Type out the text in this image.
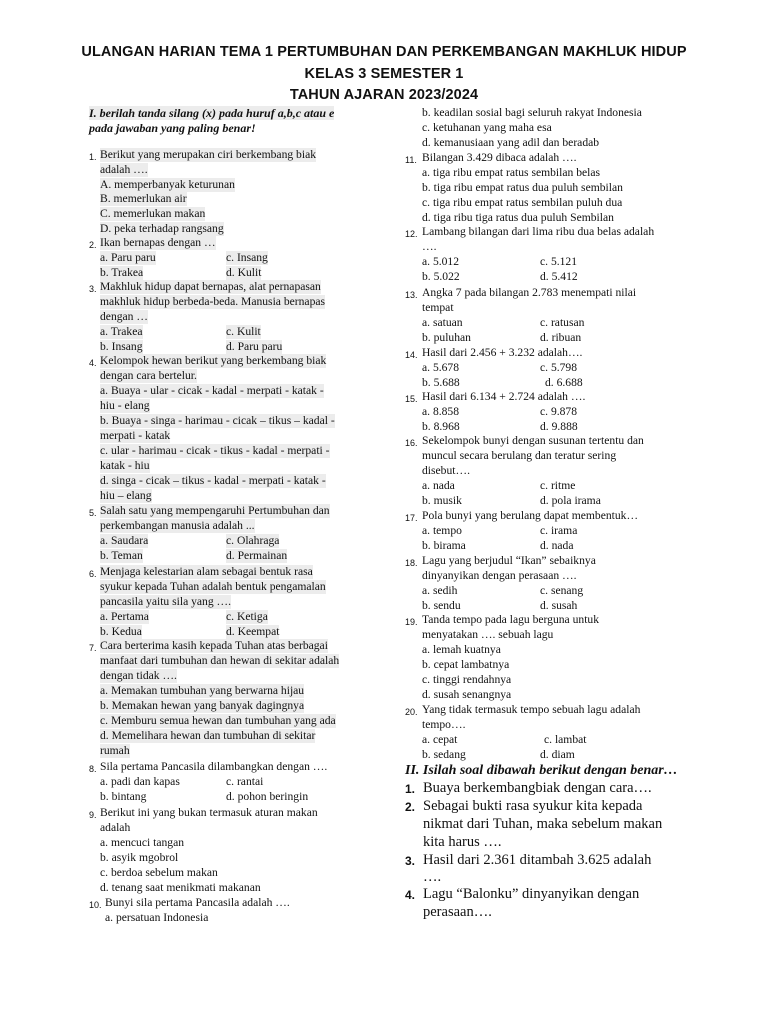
ULANGAN HARIAN TEMA 1 PERTUMBUHAN DAN PERKEMBANGAN MAKHLUK HIDUP
KELAS 3 SEMESTER 1
TAHUN AJARAN 2023/2024
I. berilah tanda silang (x) pada huruf a,b,c atau e
pada jawaban yang paling benar!
1. Berikut yang merupakan ciri berkembang biak
adalah ….
A. memperbanyak keturunan
B. memerlukan air
C. memerlukan makan
D. peka terhadap rangsang
2. Ikan bernapas dengan …
a. Paru paru	c. Insang
b. Trakea	d. Kulit
3. Makhluk hidup dapat bernapas, alat pernapasan
makhluk hidup berbeda-beda. Manusia bernapas
dengan …
a. Trakea	c. Kulit
b. Insang	d. Paru paru
4. Kelompok hewan berikut yang berkembang biak
dengan cara bertelur.
a. Buaya - ular - cicak - kadal - merpati - katak -
hiu - elang
b. Buaya - singa - harimau - cicak – tikus – kadal -
merpati - katak
c. ular - harimau - cicak - tikus - kadal - merpati -
katak - hiu
d. singa - cicak – tikus - kadal - merpati - katak -
hiu – elang
5. Salah satu yang mempengaruhi Pertumbuhan dan
perkembangan manusia adalah ...
a. Saudara	c. Olahraga
b. Teman	d. Permainan
6. Menjaga kelestarian alam sebagai bentuk rasa
syukur kepada Tuhan adalah bentuk pengamalan
pancasila yaitu sila yang ….
a. Pertama	c. Ketiga
b. Kedua	d. Keempat
7. Cara berterima kasih kepada Tuhan atas berbagai
manfaat dari tumbuhan dan hewan di sekitar adalah
dengan tidak ….
a. Memakan tumbuhan yang berwarna hijau
b. Memakan hewan yang banyak dagingnya
c. Memburu semua hewan dan tumbuhan yang ada
d. Memelihara hewan dan tumbuhan di sekitar
rumah
8. Sila pertama Pancasila dilambangkan dengan ….
a. padi dan kapas	c. rantai
b. bintang	d. pohon beringin
9. Berikut ini yang bukan termasuk aturan makan
adalah
a. mencuci tangan
b. asyik mgobrol
c. berdoa sebelum makan
d. tenang saat menikmati makanan
10. Bunyi sila pertama Pancasila adalah ….
a. persatuan Indonesia
b. keadilan sosial bagi seluruh rakyat Indonesia
c. ketuhanan yang maha esa
d. kemanusiaan yang adil dan beradab
11. Bilangan 3.429 dibaca adalah ….
a. tiga ribu empat ratus sembilan belas
b. tiga ribu empat ratus dua puluh sembilan
c. tiga ribu empat ratus sembilan puluh dua
d. tiga ribu tiga ratus dua puluh Sembilan
12. Lambang bilangan dari lima ribu dua belas adalah
….
a. 5.012	c. 5.121
b. 5.022	d. 5.412
13. Angka 7 pada bilangan 2.783 menempati nilai
tempat
a. satuan	c. ratusan
b. puluhan	d. ribuan
14. Hasil dari 2.456 + 3.232 adalah….
a. 5.678	c. 5.798
b. 5.688	d. 6.688
15. Hasil dari 6.134 + 2.724 adalah ….
a. 8.858	c. 9.878
b. 8.968	d. 9.888
16. Sekelompok bunyi dengan susunan tertentu dan
muncul secara berulang dan teratur sering
disebut….
a. nada	c. ritme
b. musik	d. pola irama
17. Pola bunyi yang berulang dapat membentuk…
a. tempo	c. irama
b. birama	d. nada
18. Lagu yang berjudul “Ikan” sebaiknya
dinyanyikan dengan perasaan ….
a. sedih	c. senang
b. sendu	d. susah
19. Tanda tempo pada lagu berguna untuk
menyatakan …. sebuah lagu
a. lemah kuatnya
b. cepat lambatnya
c. tinggi rendahnya
d. susah senangnya
20. Yang tidak termasuk tempo sebuah lagu adalah
tempo….
a. cepat	c. lambat
b. sedang	d. diam
II. Isilah soal dibawah berikut dengan benar…
1. Buaya berkembangbiak dengan cara….
2. Sebagai bukti rasa syukur kita kepada
nikmat dari Tuhan, maka sebelum makan
kita harus ….
3. Hasil dari 2.361 ditambah 3.625 adalah
….
4. Lagu “Balonku” dinyanyikan dengan
perasaan….
